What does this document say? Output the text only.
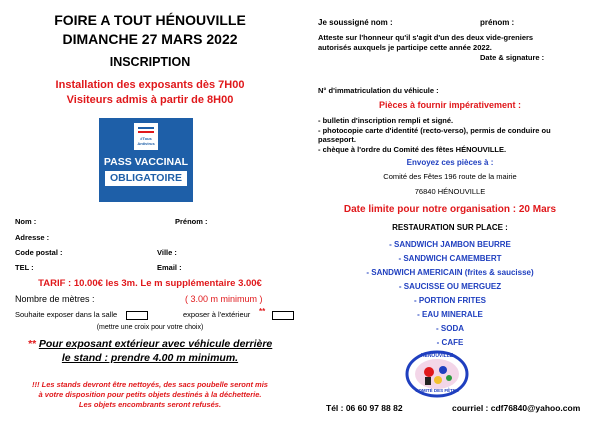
FOIRE A TOUT HÉNOUVILLE
DIMANCHE 27 MARS 2022
INSCRIPTION
Installation des exposants dès 7H00
Visiteurs admis à partir de 8H00
#Tous Antivirus
PASS VACCINAL
OBLIGATOIRE
Nom :	Prénom :
Adresse :
Code postal :	Ville :
TEL :	Email :
TARIF : 10.00€ les 3m. Le m supplémentaire 3.00€
Nombre de mètres :	( 3.00 m minimum )
Souhaite exposer dans la salle	exposer à l'extérieur **
(mettre une croix pour votre choix)
** Pour exposant extérieur avec véhicule derrière
le stand : prendre 4.00 m minimum.
!!! Les stands devront être nettoyés, des sacs poubelle seront mis
à votre disposition pour petits objets destinés à la déchetterie.
Les objets encombrants seront refusés.
Je soussigné nom :	prénom :
Atteste sur l'honneur qu'il s'agit d'un des deux vide-greniers
autorisés auxquels je participe cette année 2022.
Date & signature :
N° d'immatriculation du véhicule :
Pièces à fournir impérativement :
- bulletin d'inscription rempli et signé.
- photocopie carte d'identité (recto-verso), permis de conduire ou
passeport.
- chèque à l'ordre du Comité des fêtes HÉNOUVILLE.
Envoyez ces pièces à :
Comité des Fêtes 196 route de la mairie
76840 HÉNOUVILLE
Date limite pour notre organisation : 20 Mars
RESTAURATION SUR PLACE :
- SANDWICH JAMBON BEURRE
- SANDWICH CAMEMBERT
- SANDWICH AMERICAIN (frites & saucisse)
- SAUCISSE OU MERGUEZ
- PORTION FRITES
- EAU MINERALE
- SODA
- CAFE
HÉNOUVILLE
COMITÉ DES FÊTES
Tél : 06 60 97 88 82	courriel : cdf76840@yahoo.com
